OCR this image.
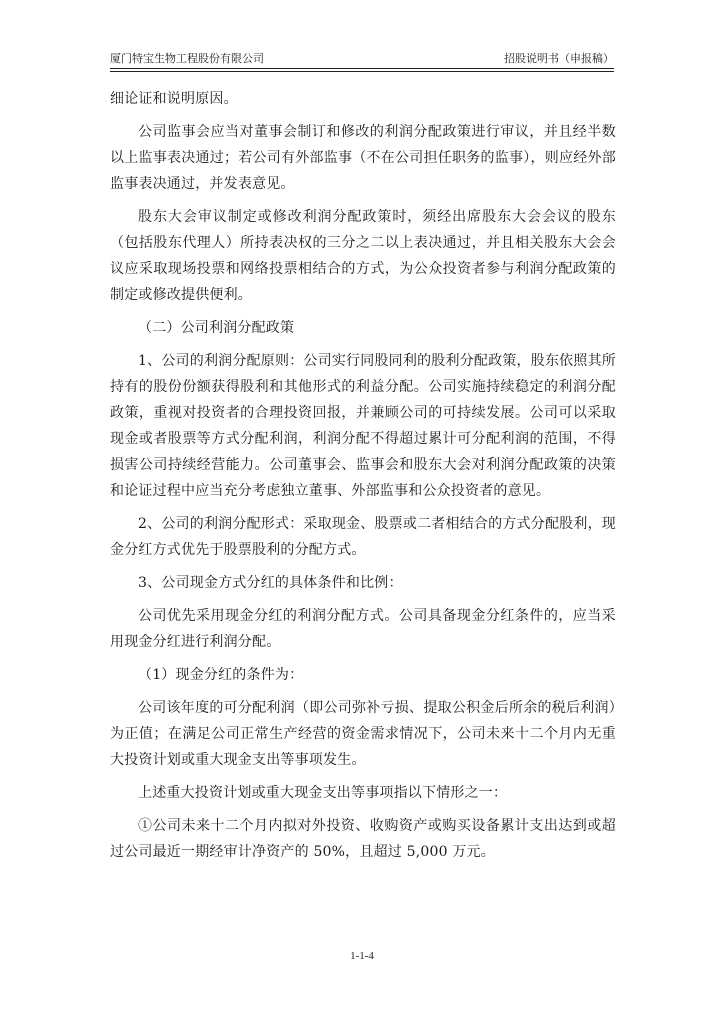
厦门特宝生物工程股份有限公司	招股说明书（申报稿）

细论证和说明原因。

公司监事会应当对董事会制订和修改的利润分配政策进行审议，并且经半数以上监事表决通过；若公司有外部监事（不在公司担任职务的监事），则应经外部监事表决通过，并发表意见。

股东大会审议制定或修改利润分配政策时，须经出席股东大会会议的股东（包括股东代理人）所持表决权的三分之二以上表决通过，并且相关股东大会会议应采取现场投票和网络投票相结合的方式，为公众投资者参与利润分配政策的制定或修改提供便利。

（二）公司利润分配政策

1、公司的利润分配原则：公司实行同股同利的股利分配政策，股东依照其所持有的股份份额获得股利和其他形式的利益分配。公司实施持续稳定的利润分配政策，重视对投资者的合理投资回报，并兼顾公司的可持续发展。公司可以采取现金或者股票等方式分配利润，利润分配不得超过累计可分配利润的范围，不得损害公司持续经营能力。公司董事会、监事会和股东大会对利润分配政策的决策和论证过程中应当充分考虑独立董事、外部监事和公众投资者的意见。

2、公司的利润分配形式：采取现金、股票或二者相结合的方式分配股利，现金分红方式优先于股票股利的分配方式。

3、公司现金方式分红的具体条件和比例：

公司优先采用现金分红的利润分配方式。公司具备现金分红条件的，应当采用现金分红进行利润分配。

（1）现金分红的条件为：

公司该年度的可分配利润（即公司弥补亏损、提取公积金后所余的税后利润）为正值；在满足公司正常生产经营的资金需求情况下，公司未来十二个月内无重大投资计划或重大现金支出等事项发生。

上述重大投资计划或重大现金支出等事项指以下情形之一：

①公司未来十二个月内拟对外投资、收购资产或购买设备累计支出达到或超过公司最近一期经审计净资产的 50%，且超过 5,000 万元。

1-1-4
